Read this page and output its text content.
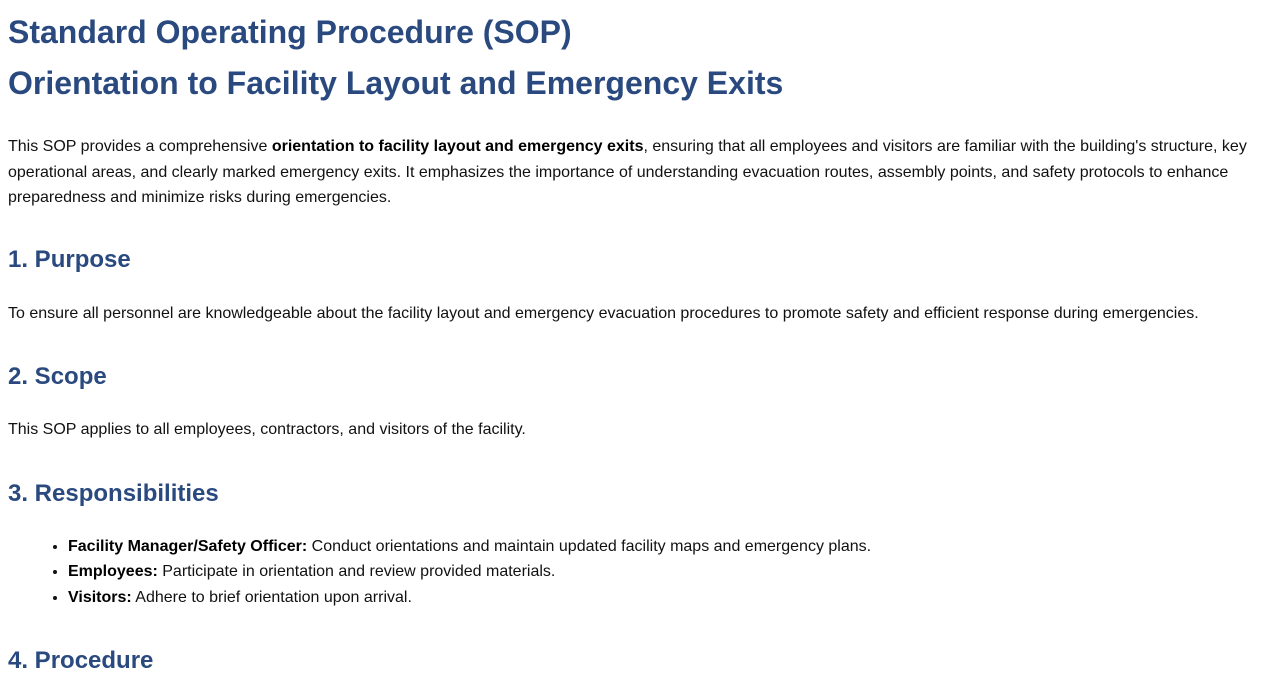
Standard Operating Procedure (SOP)
Orientation to Facility Layout and Emergency Exits

This SOP provides a comprehensive orientation to facility layout and emergency exits, ensuring that all employees and visitors are familiar with the building's structure, key operational areas, and clearly marked emergency exits. It emphasizes the importance of understanding evacuation routes, assembly points, and safety protocols to enhance preparedness and minimize risks during emergencies.

1. Purpose

To ensure all personnel are knowledgeable about the facility layout and emergency evacuation procedures to promote safety and efficient response during emergencies.

2. Scope

This SOP applies to all employees, contractors, and visitors of the facility.

3. Responsibilities
• Facility Manager/Safety Officer: Conduct orientations and maintain updated facility maps and emergency plans.
• Employees: Participate in orientation and review provided materials.
• Visitors: Adhere to brief orientation upon arrival.
4. Procedure
